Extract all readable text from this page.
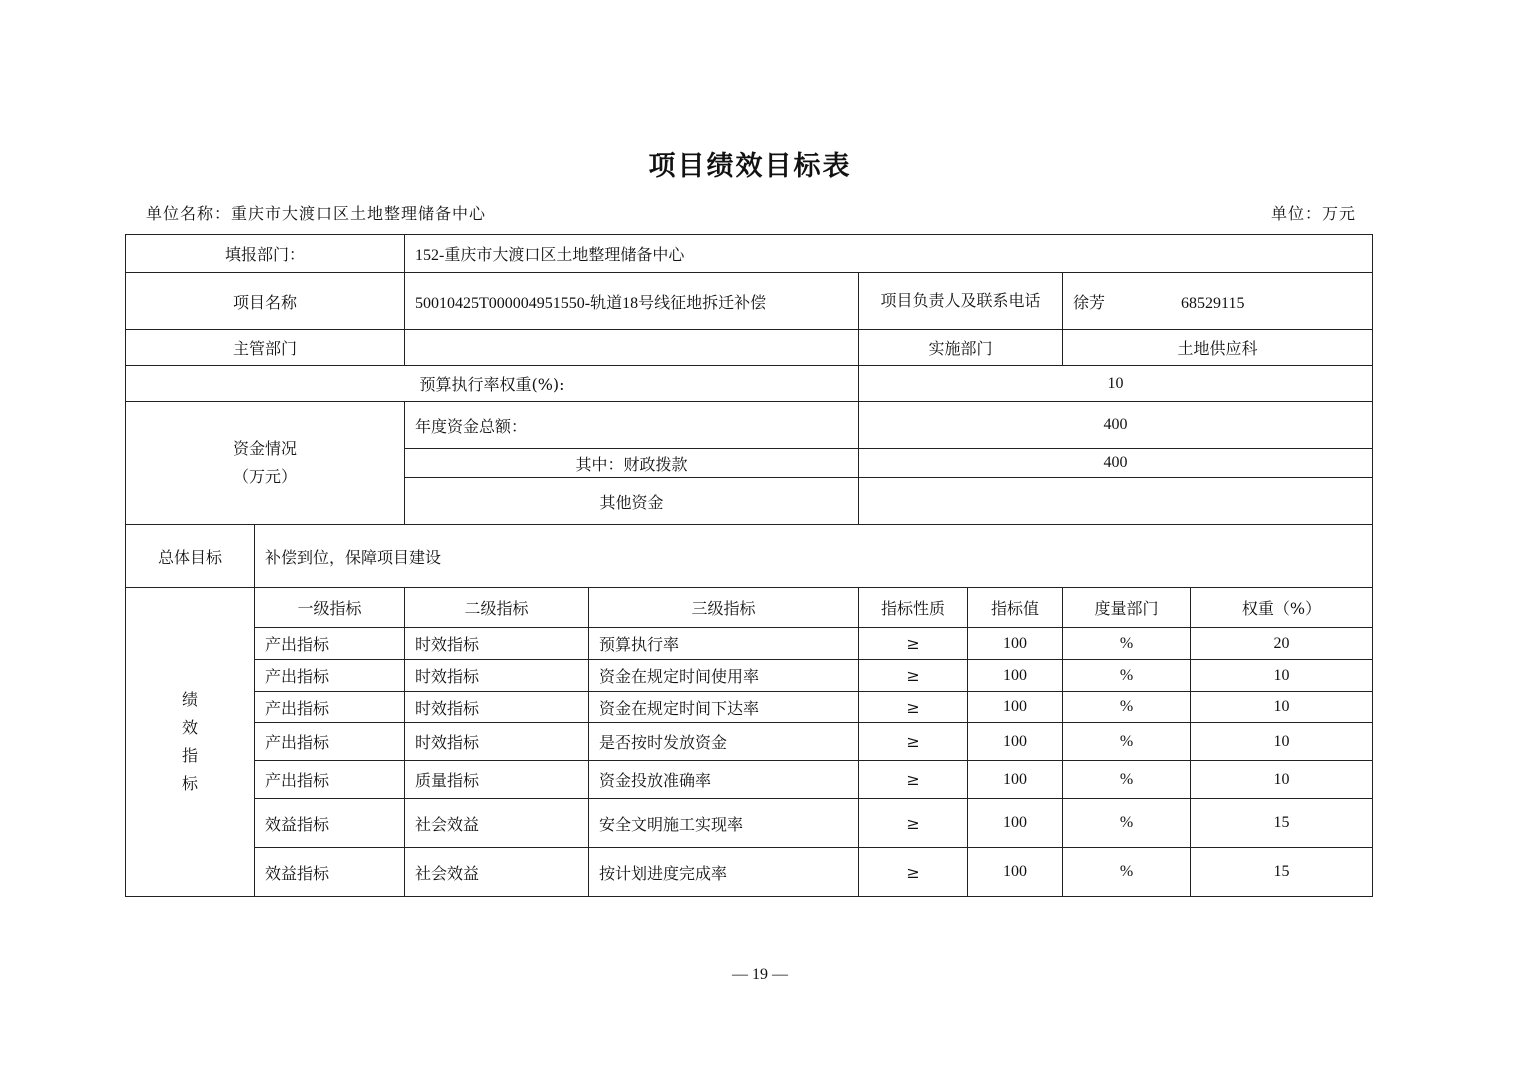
项目绩效目标表
单位名称：重庆市大渡口区土地整理储备中心	单位：万元
填报部门：		152-重庆市大渡口区土地整理储备中心					
项目名称		50010425T000004951550-轨道18号线征地拆迁补偿		项目负责人及联系电话		徐芳 68529115	
主管部门				实施部门		土地供应科	
预算执行率权重(%):				10			

资金情况
（万元）		年度资金总额：		400			
		其中：财政拨款		400			
		其他资金					
总体目标	补偿到位，保障项目建设						

绩
效
指
标	一级指标	二级指标	三级指标	指标性质	指标值	度量部门	权重（%）
	产出指标	时效指标	预算执行率	≥	100	%	20
	产出指标	时效指标	资金在规定时间使用率	≥	100	%	10
	产出指标	时效指标	资金在规定时间下达率	≥	100	%	10
	产出指标	时效指标	是否按时发放资金	≥	100	%	10
	产出指标	质量指标	资金投放准确率	≥	100	%	10
	效益指标	社会效益	安全文明施工实现率	≥	100	%	15
	效益指标	社会效益	按计划进度完成率	≥	100	%	15
— 19 —
